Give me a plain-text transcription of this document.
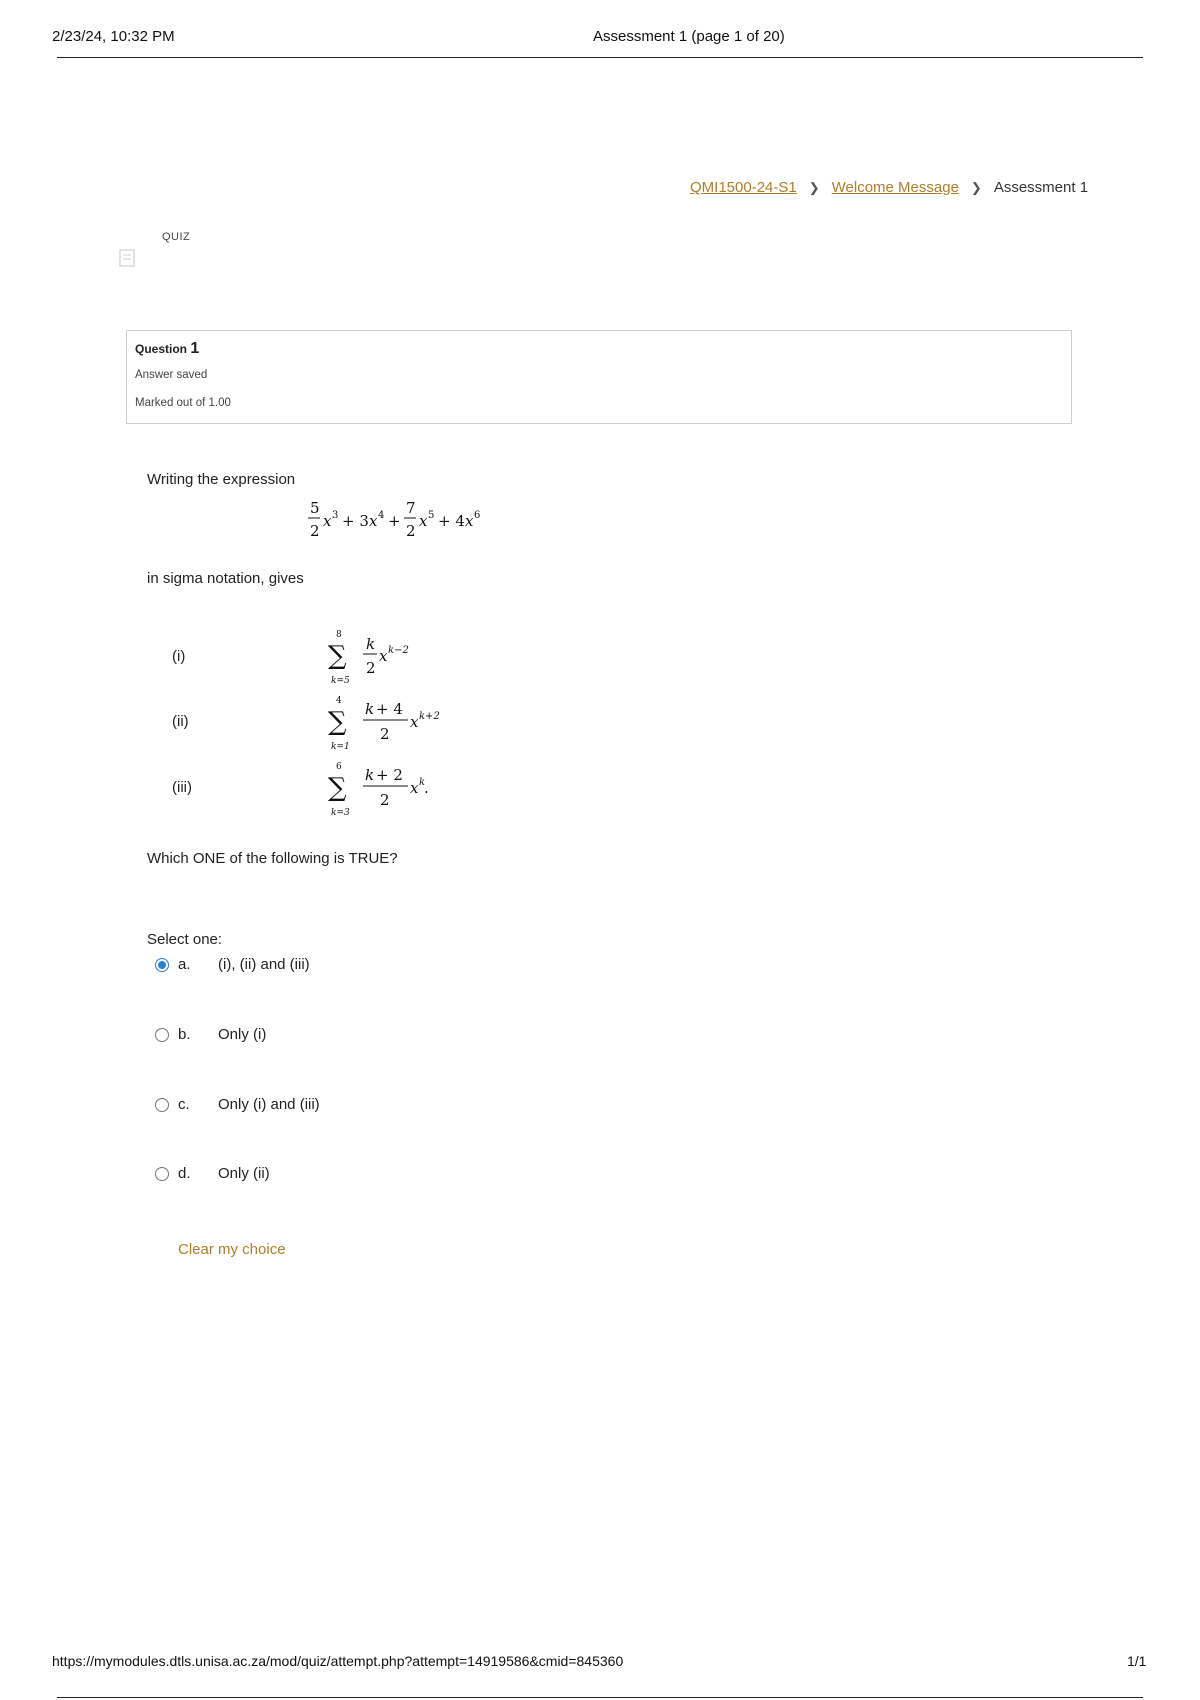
2/23/24, 10:32 PM	Assessment 1 (page 1 of 20)
QMI1500-24-S1 ❯ Welcome Message ❯ Assessment 1
QUIZ
Question 1
Answer saved
Marked out of 1.00
Writing the expression
5
2
x 3 + 3 x 4 +
7
2
x 5 + 4 x 6
in sigma notation, gives
(i)
8
∑
k=5
k
2
x k−2
(ii)
4
∑
k=1
k + 4
2
x k+2
(iii)
6
∑
k=3
k + 2
2
x k
.
Which ONE of the following is TRUE?
Select one:
a.	(i), (ii) and (iii)
b.	Only (i)
c.	Only (i) and (iii)
d.	Only (ii)
Clear my choice
https://mymodules.dtls.unisa.ac.za/mod/quiz/attempt.php?attempt=14919586&cmid=845360	1/1
